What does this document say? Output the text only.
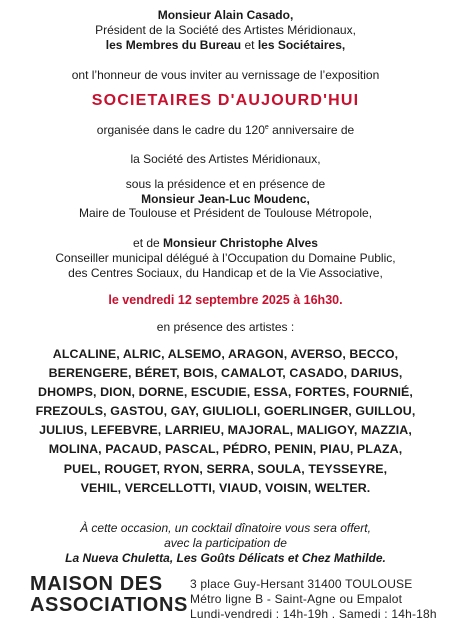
Monsieur Alain Casado,
Président de la Société des Artistes Méridionaux,
les Membres du Bureau et les Sociétaires,
ont l’honneur de vous inviter au vernissage de l’exposition
SOCIETAIRES D'AUJOURD'HUI
organisée dans le cadre du 120e anniversaire de
la Société des Artistes Méridionaux,
sous la présidence et en présence de
Monsieur Jean-Luc Moudenc,
Maire de Toulouse et Président de Toulouse Métropole,
et de Monsieur Christophe Alves
Conseiller municipal délégué à l’Occupation du Domaine Public,
des Centres Sociaux, du Handicap et de la Vie Associative,
le vendredi 12 septembre 2025 à 16h30.
en présence des artistes :
ALCALINE, ALRIC, ALSEMO, ARAGON, AVERSO, BECCO,
BERENGERE, BÉRET, BOIS, CAMALOT, CASADO, DARIUS,
DHOMPS, DION, DORNE, ESCUDIE, ESSA, FORTES, FOURNIÉ,
FREZOULS, GASTOU, GAY, GIULIOLI, GOERLINGER, GUILLOU,
JULIUS, LEFEBVRE, LARRIEU, MAJORAL, MALIGOY, MAZZIA,
MOLINA, PACAUD, PASCAL, PÉDRO, PENIN, PIAU, PLAZA,
PUEL, ROUGET, RYON, SERRA, SOULA, TEYSSEYRE,
VEHIL, VERCELLOTTI, VIAUD, VOISIN, WELTER.
À cette occasion, un cocktail dînatoire vous sera offert,
avec la participation de
La Nueva Chuletta, Les Goûts Délicats et Chez Mathilde.
MAISON DES
ASSOCIATIONS
3 place Guy-Hersant 31400 TOULOUSE
Métro ligne B - Saint-Agne ou Empalot
Lundi-vendredi : 14h-19h . Samedi : 14h-18h
